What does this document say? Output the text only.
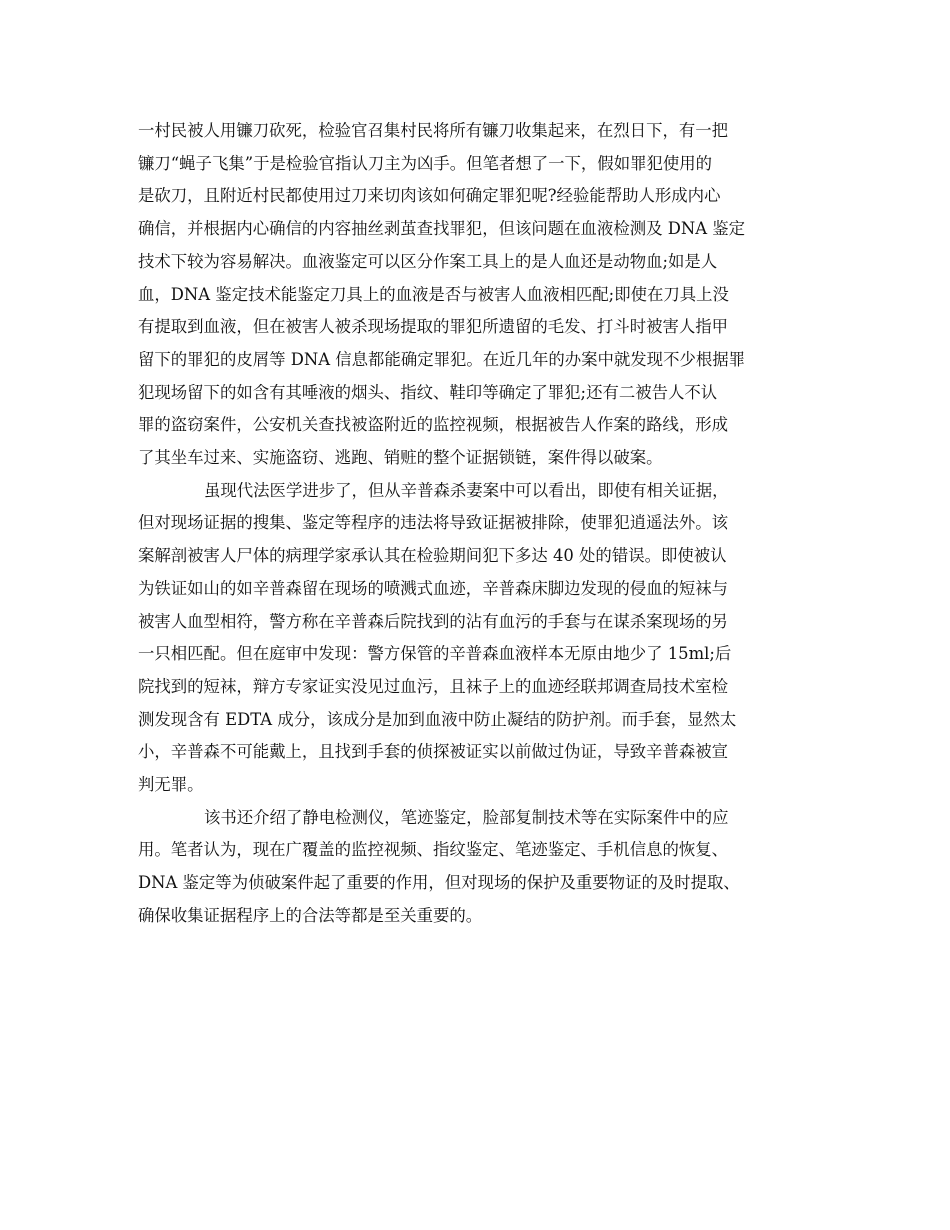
一村民被人用镰刀砍死，检验官召集村民将所有镰刀收集起来，在烈日下，有一把
镰刀“蝇子飞集”于是检验官指认刀主为凶手。但笔者想了一下，假如罪犯使用的
是砍刀，且附近村民都使用过刀来切肉该如何确定罪犯呢?经验能帮助人形成内心
确信，并根据内心确信的内容抽丝剥茧查找罪犯，但该问题在血液检测及 DNA 鉴定
技术下较为容易解决。血液鉴定可以区分作案工具上的是人血还是动物血;如是人
血，DNA 鉴定技术能鉴定刀具上的血液是否与被害人血液相匹配;即使在刀具上没
有提取到血液，但在被害人被杀现场提取的罪犯所遗留的毛发、打斗时被害人指甲
留下的罪犯的皮屑等 DNA 信息都能确定罪犯。在近几年的办案中就发现不少根据罪
犯现场留下的如含有其唾液的烟头、指纹、鞋印等确定了罪犯;还有二被告人不认
罪的盗窃案件，公安机关查找被盗附近的监控视频，根据被告人作案的路线，形成
了其坐车过来、实施盗窃、逃跑、销赃的整个证据锁链，案件得以破案。

虽现代法医学进步了，但从辛普森杀妻案中可以看出，即使有相关证据，
但对现场证据的搜集、鉴定等程序的违法将导致证据被排除，使罪犯逍遥法外。该
案解剖被害人尸体的病理学家承认其在检验期间犯下多达 40 处的错误。即使被认
为铁证如山的如辛普森留在现场的喷溅式血迹，辛普森床脚边发现的侵血的短袜与
被害人血型相符，警方称在辛普森后院找到的沾有血污的手套与在谋杀案现场的另
一只相匹配。但在庭审中发现：警方保管的辛普森血液样本无原由地少了 15ml;后
院找到的短袜，辩方专家证实没见过血污，且袜子上的血迹经联邦调查局技术室检
测发现含有 EDTA 成分，该成分是加到血液中防止凝结的防护剂。而手套，显然太
小，辛普森不可能戴上，且找到手套的侦探被证实以前做过伪证，导致辛普森被宣
判无罪。

该书还介绍了静电检测仪，笔迹鉴定，脸部复制技术等在实际案件中的应
用。笔者认为，现在广覆盖的监控视频、指纹鉴定、笔迹鉴定、手机信息的恢复、
DNA 鉴定等为侦破案件起了重要的作用，但对现场的保护及重要物证的及时提取、
确保收集证据程序上的合法等都是至关重要的。
